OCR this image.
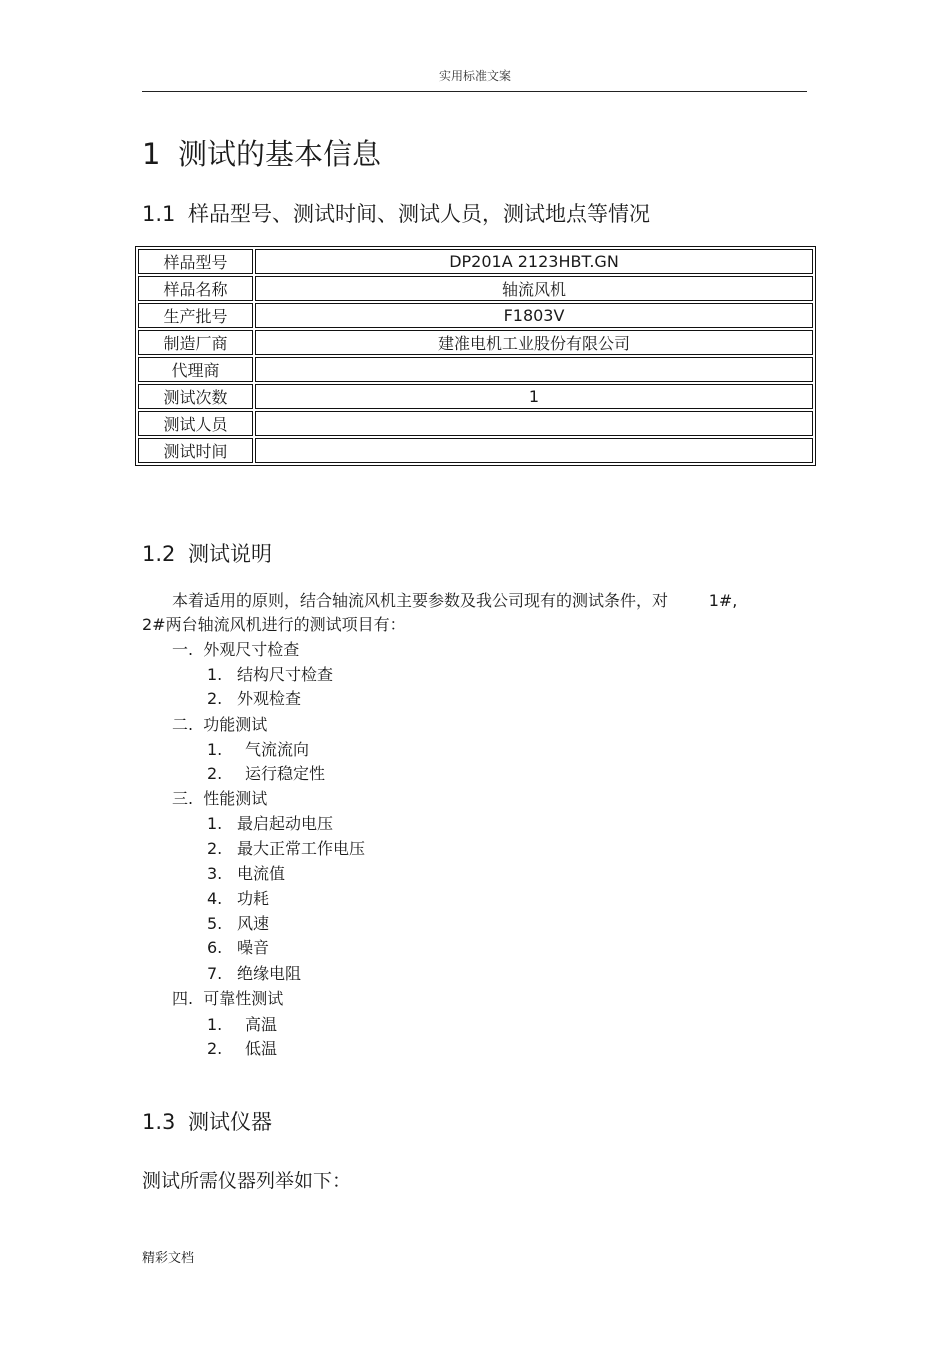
实用标准文案
1 测试的基本信息
1.1 样品型号、测试时间、测试人员，测试地点等情况
样品型号	DP201A 2123HBT.GN
样品名称	轴流风机
生产批号	F1803V
制造厂商	建准电机工业股份有限公司
代理商	
测试次数	1
测试人员	
测试时间	
1.2 测试说明
本着适用的原则，结合轴流风机主要参数及我公司现有的测试条件，对        1#,
2#两台轴流风机进行的测试项目有：
一.  外观尺寸检查
1. 结构尺寸检查
2. 外观检查
二.  功能测试
1. 气流流向
2. 运行稳定性
三.  性能测试
1. 最启起动电压
2. 最大正常工作电压
3. 电流值
4. 功耗
5. 风速
6. 噪音
7. 绝缘电阻
四.  可靠性测试
1. 高温
2. 低温
1.3 测试仪器
测试所需仪器列举如下：
精彩文档
